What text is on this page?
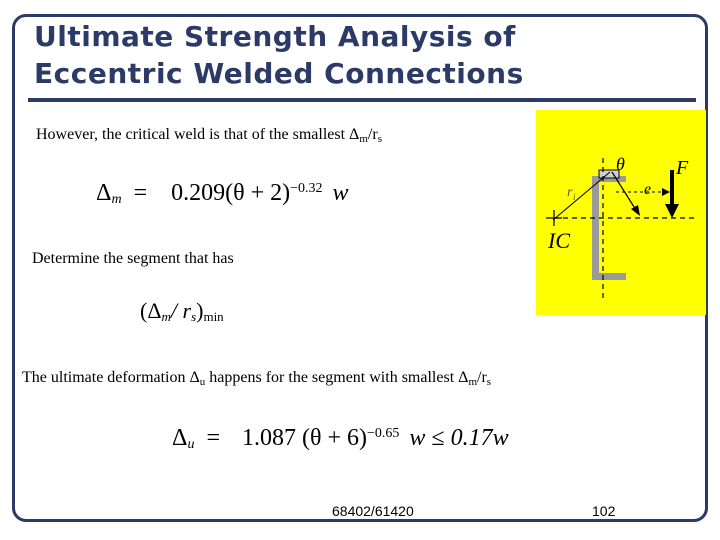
Ultimate Strength Analysis of
Eccentric Welded Connections
However, the critical weld is that of the smallest $\Delta_m/r_s$
$\Delta_m = 0.209(\theta + 2)^{-0.32}$ w
Determine the segment that has
($\Delta_m/$ $r_s)_{min}$
The ultimate deformation $\Delta_u$ happens for the segment with smallest $\Delta_m/r_s$
$\Delta_u = 1.087$ $(\theta + 6)^{-0.65}$ w ≤ 0.17w
θ	F
e
r i
IC
68402/61420	102
